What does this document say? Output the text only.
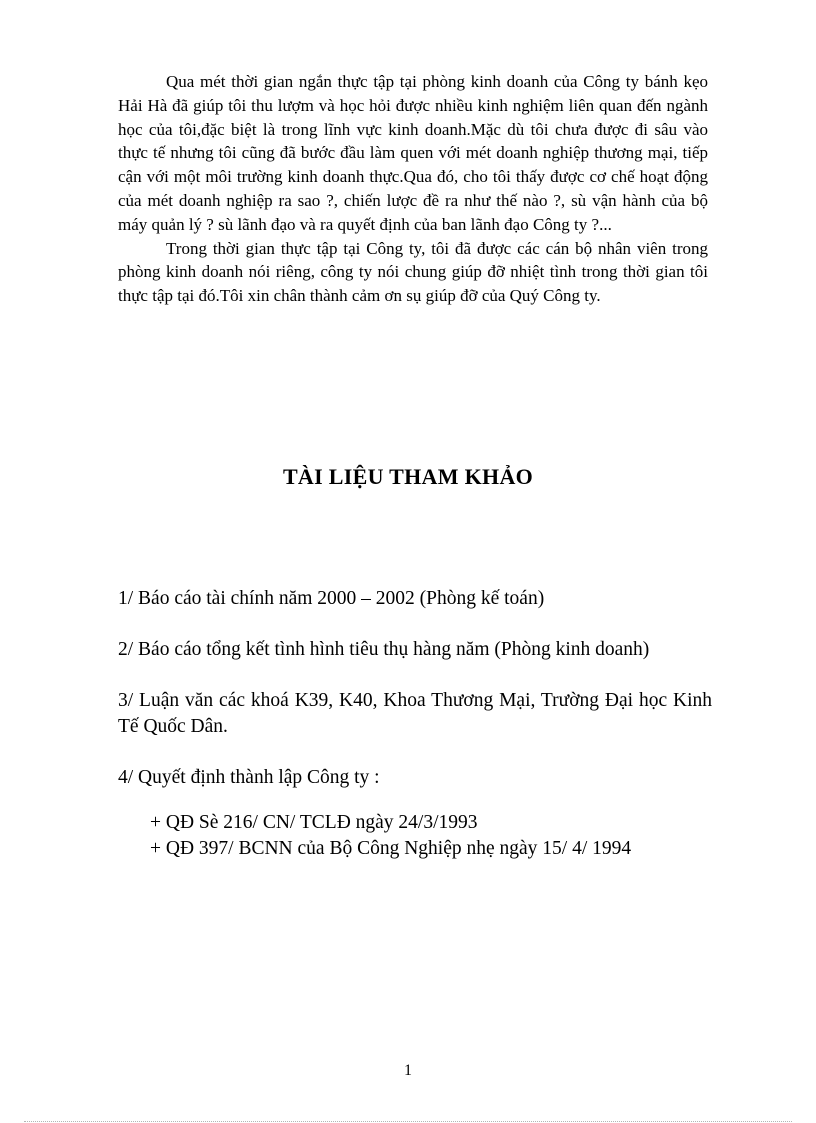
Qua mét thời gian ngắn thực tập tại phòng kinh doanh của Công ty bánh kẹo Hải Hà đã giúp tôi thu lượm và học hỏi được nhiều kinh nghiệm liên quan đến ngành học của tôi,đặc biệt là trong lĩnh vực kinh doanh.Mặc dù tôi chưa được đi sâu vào thực tế nhưng tôi cũng đã bước đầu làm quen với mét doanh nghiệp thương mại, tiếp cận với một môi trường kinh doanh thực.Qua đó, cho tôi thấy được cơ chế hoạt động của mét doanh nghiệp ra sao ?, chiến lược đề ra như thế nào ?, sù vận hành của bộ máy quản lý ? sù lãnh đạo và ra quyết định của ban lãnh đạo Công ty ?...

Trong thời gian thực tập tại Công ty, tôi đã được các cán bộ nhân viên trong phòng kinh doanh nói riêng, công ty nói chung giúp đỡ nhiệt tình trong thời gian tôi thực tập tại đó.Tôi xin chân thành cảm ơn sụ giúp đỡ của Quý Công ty.

TÀI LIỆU THAM KHẢO

1/ Báo cáo tài chính năm 2000 – 2002 (Phòng kế toán)

2/ Báo cáo tổng kết tình hình tiêu thụ hàng năm (Phòng kinh doanh)

3/ Luận văn các khoá K39, K40, Khoa Thương Mại, Trường Đại học Kinh Tế Quốc Dân.

4/ Quyết định thành lập Công ty :

+ QĐ Sè 216/ CN/ TCLĐ ngày 24/3/1993

+ QĐ 397/ BCNN của Bộ Công Nghiệp nhẹ ngày 15/ 4/ 1994

1
